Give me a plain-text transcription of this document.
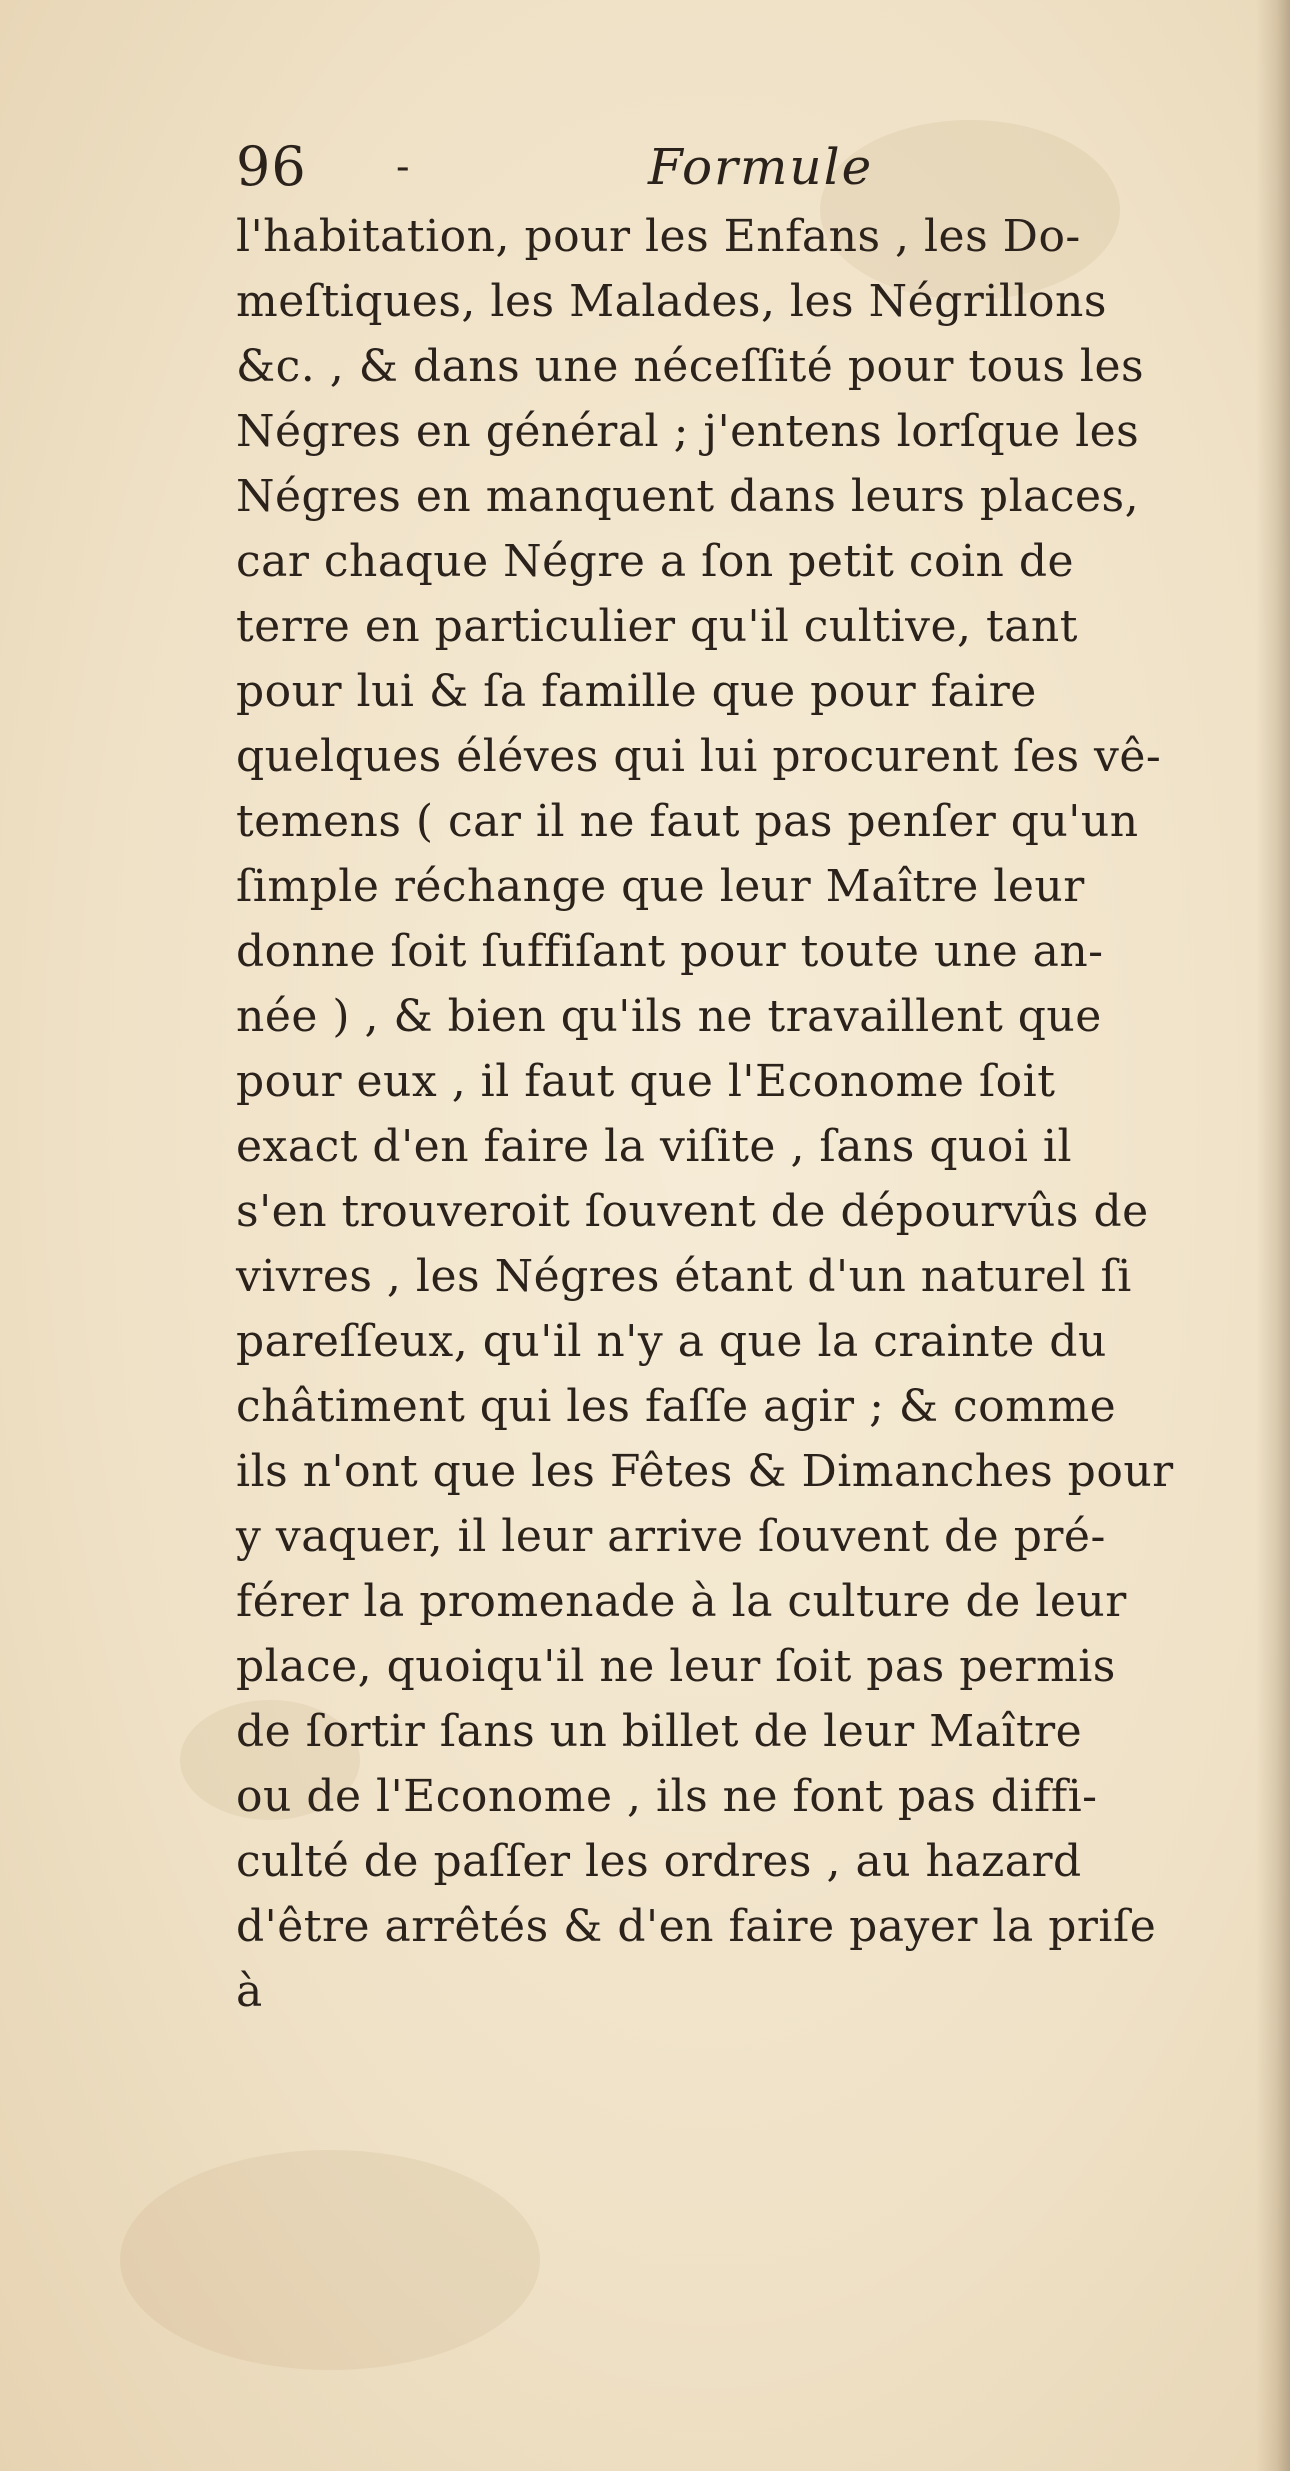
96 -	Formule
l'habitation, pour les Enfans , les Do-
meſtiques, les Malades, les Négrillons
&c. , & dans une néceſſité pour tous les
Négres en général ; j'entens lorſque les
Négres en manquent dans leurs places,
car chaque Négre a ſon petit coin de
terre en particulier qu'il cultive, tant
pour lui & ſa famille que pour faire
quelques éléves qui lui procurent ſes vê-
temens ( car il ne faut pas penſer qu'un
ſimple réchange que leur Maître leur
donne ſoit ſuffiſant pour toute une an-
née ) , & bien qu'ils ne travaillent que
pour eux , il faut que l'Econome ſoit
exact d'en faire la viſite , ſans quoi il
s'en trouveroit ſouvent de dépourvûs de
vivres , les Négres étant d'un naturel ſi
pareſſeux, qu'il n'y a que la crainte du
châtiment qui les faſſe agir ; & comme
ils n'ont que les Fêtes & Dimanches pour
y vaquer, il leur arrive ſouvent de pré-
férer la promenade à la culture de leur
place, quoiqu'il ne leur ſoit pas permis
de ſortir ſans un billet de leur Maître
ou de l'Econome , ils ne font pas diffi-
culté de paſſer les ordres , au hazard
d'être arrêtés & d'en faire payer la priſe
à
